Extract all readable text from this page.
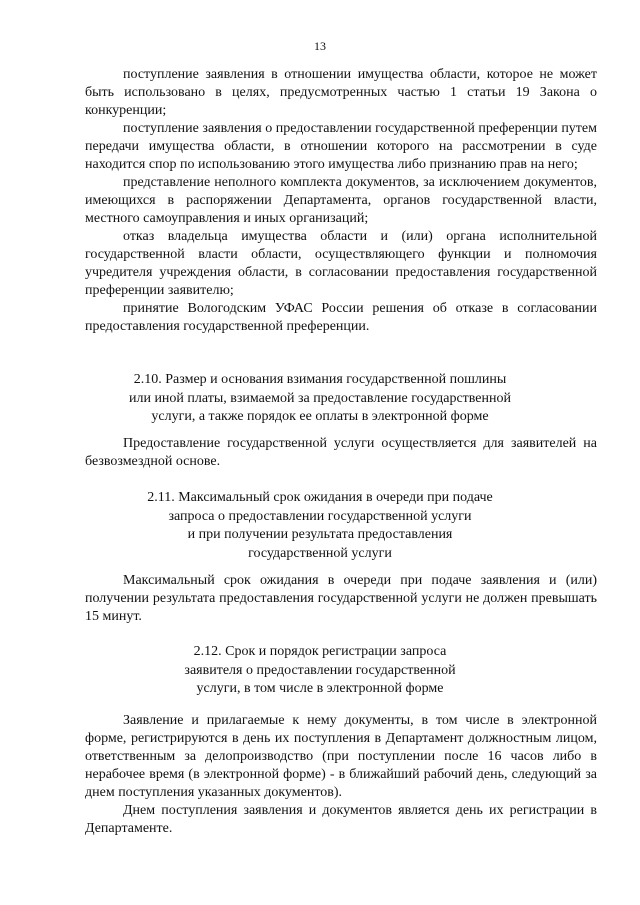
13

поступление заявления в отношении имущества области, которое не может быть использовано в целях, предусмотренных частью 1 статьи 19 Закона о конкуренции;

поступление заявления о предоставлении государственной преференции путем передачи имущества области, в отношении которого на рассмотрении в суде находится спор по использованию этого имущества либо признанию прав на него;

представление неполного комплекта документов, за исключением документов, имеющихся в распоряжении Департамента, органов государственной власти, местного самоуправления и иных организаций;

отказ владельца имущества области и (или) органа исполнительной государственной власти области, осуществляющего функции и полномочия учредителя учреждения области, в согласовании предоставления государственной преференции заявителю;

принятие Вологодским УФАС России решения об отказе в согласовании предоставления государственной преференции.

2.10. Размер и основания взимания государственной пошлины
или иной платы, взимаемой за предоставление государственной
услуги, а также порядок ее оплаты в электронной форме

Предоставление государственной услуги осуществляется для заявителей на безвозмездной основе.

2.11. Максимальный срок ожидания в очереди при подаче
запроса о предоставлении государственной услуги
и при получении результата предоставления
государственной услуги

Максимальный срок ожидания в очереди при подаче заявления и (или) получении результата предоставления государственной услуги не должен превышать 15 минут.

2.12. Срок и порядок регистрации запроса
заявителя о предоставлении государственной
услуги, в том числе в электронной форме

Заявление и прилагаемые к нему документы, в том числе в электронной форме, регистрируются в день их поступления в Департамент должностным лицом, ответственным за делопроизводство (при поступлении после 16 часов либо в нерабочее время (в электронной форме) - в ближайший рабочий день, следующий за днем поступления указанных документов).

Днем поступления заявления и документов является день их регистрации в Департаменте.
